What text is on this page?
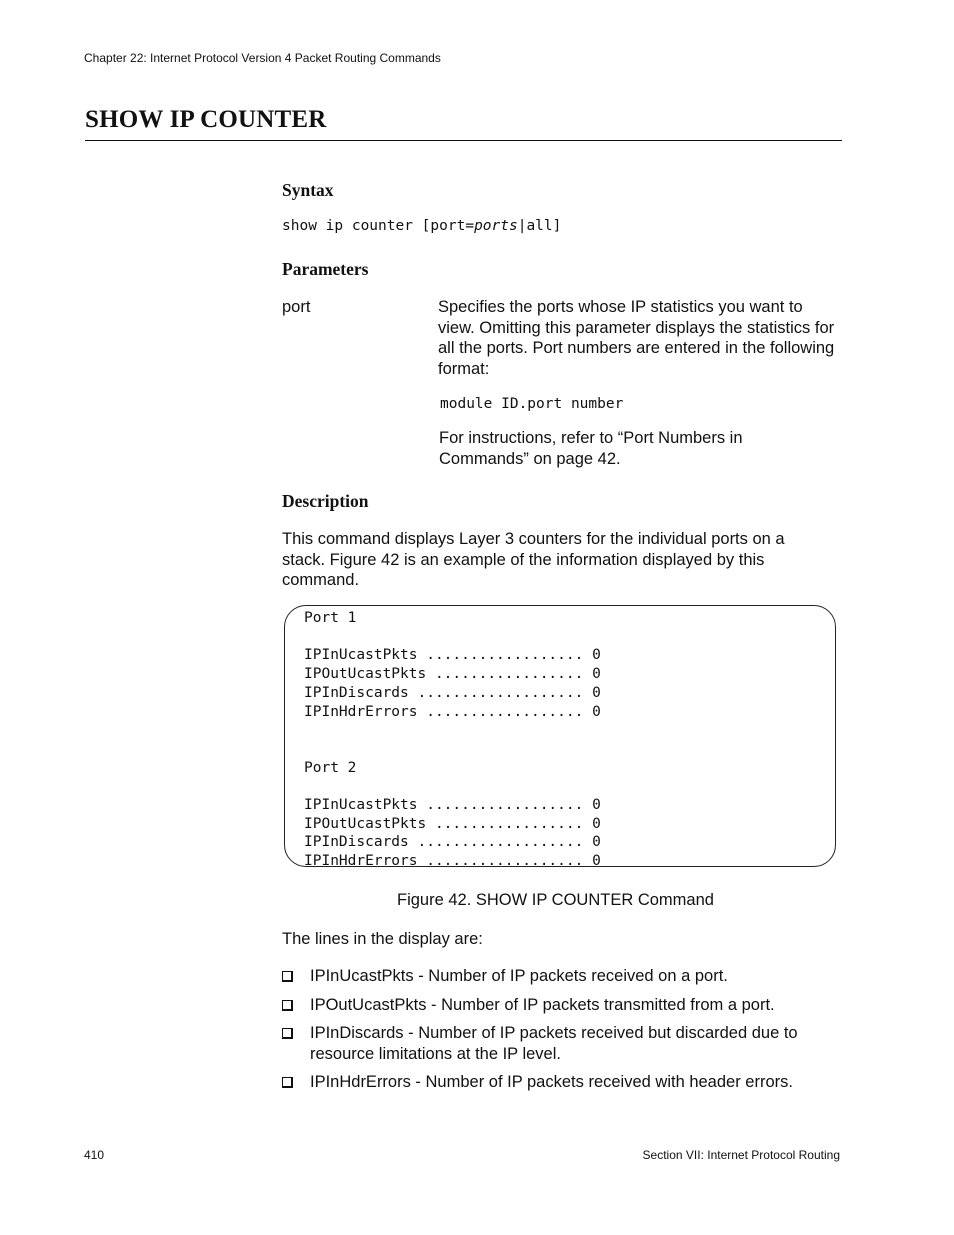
Chapter 22: Internet Protocol Version 4 Packet Routing Commands
SHOW IP COUNTER
Syntax
show ip counter [port=ports|all]
Parameters
port	Specifies the ports whose IP statistics you want to view. Omitting this parameter displays the statistics for all the ports. Port numbers are entered in the following format:
module ID.port number
For instructions, refer to “Port Numbers in Commands” on page 42.
Description
This command displays Layer 3 counters for the individual ports on a stack. Figure 42 is an example of the information displayed by this command.
Port 1

IPInUcastPkts .................. 0
IPOutUcastPkts ................. 0
IPInDiscards ................... 0
IPInHdrErrors .................. 0

Port 2

IPInUcastPkts .................. 0
IPOutUcastPkts ................. 0
IPInDiscards ................... 0
IPInHdrErrors .................. 0
Figure 42. SHOW IP COUNTER Command
The lines in the display are:
IPInUcastPkts - Number of IP packets received on a port.
IPOutUcastPkts - Number of IP packets transmitted from a port.
IPInDiscards - Number of IP packets received but discarded due to resource limitations at the IP level.
IPInHdrErrors - Number of IP packets received with header errors.
410	Section VII: Internet Protocol Routing
